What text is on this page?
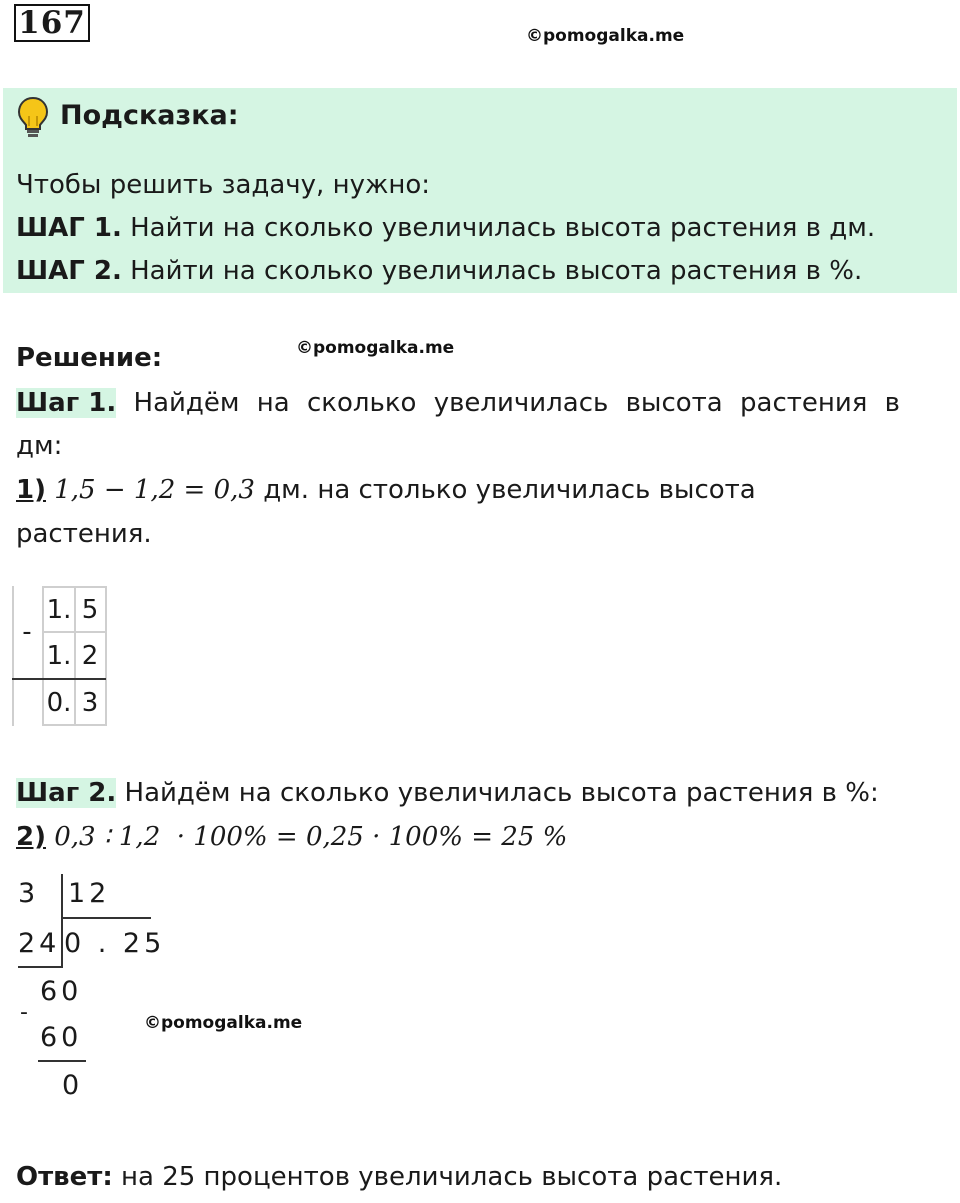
167	©pomogalka.me
Подсказка:
Чтобы решить задачу, нужно:
ШАГ 1. Найти на сколько увеличилась высота растения в дм.
ШАГ 2. Найти на сколько увеличилась высота растения в %.
Решение:	©pomogalka.me
Шаг 1. Найдём на сколько увеличилась высота растения в
дм:
1) 1,5 − 1,2 = 0,3 дм. на столько увеличилась высота
растения.
-
1. 5
1. 2
0. 3
Шаг 2. Найдём на сколько увеличилась высота растения в %:
2) 0,3 ∶ 1,2  · 100% = 0,25 · 100% = 25 %
3 12
24 0 . 25
60
-
60
0
©pomogalka.me
Ответ: на 25 процентов увеличилась высота растения.
